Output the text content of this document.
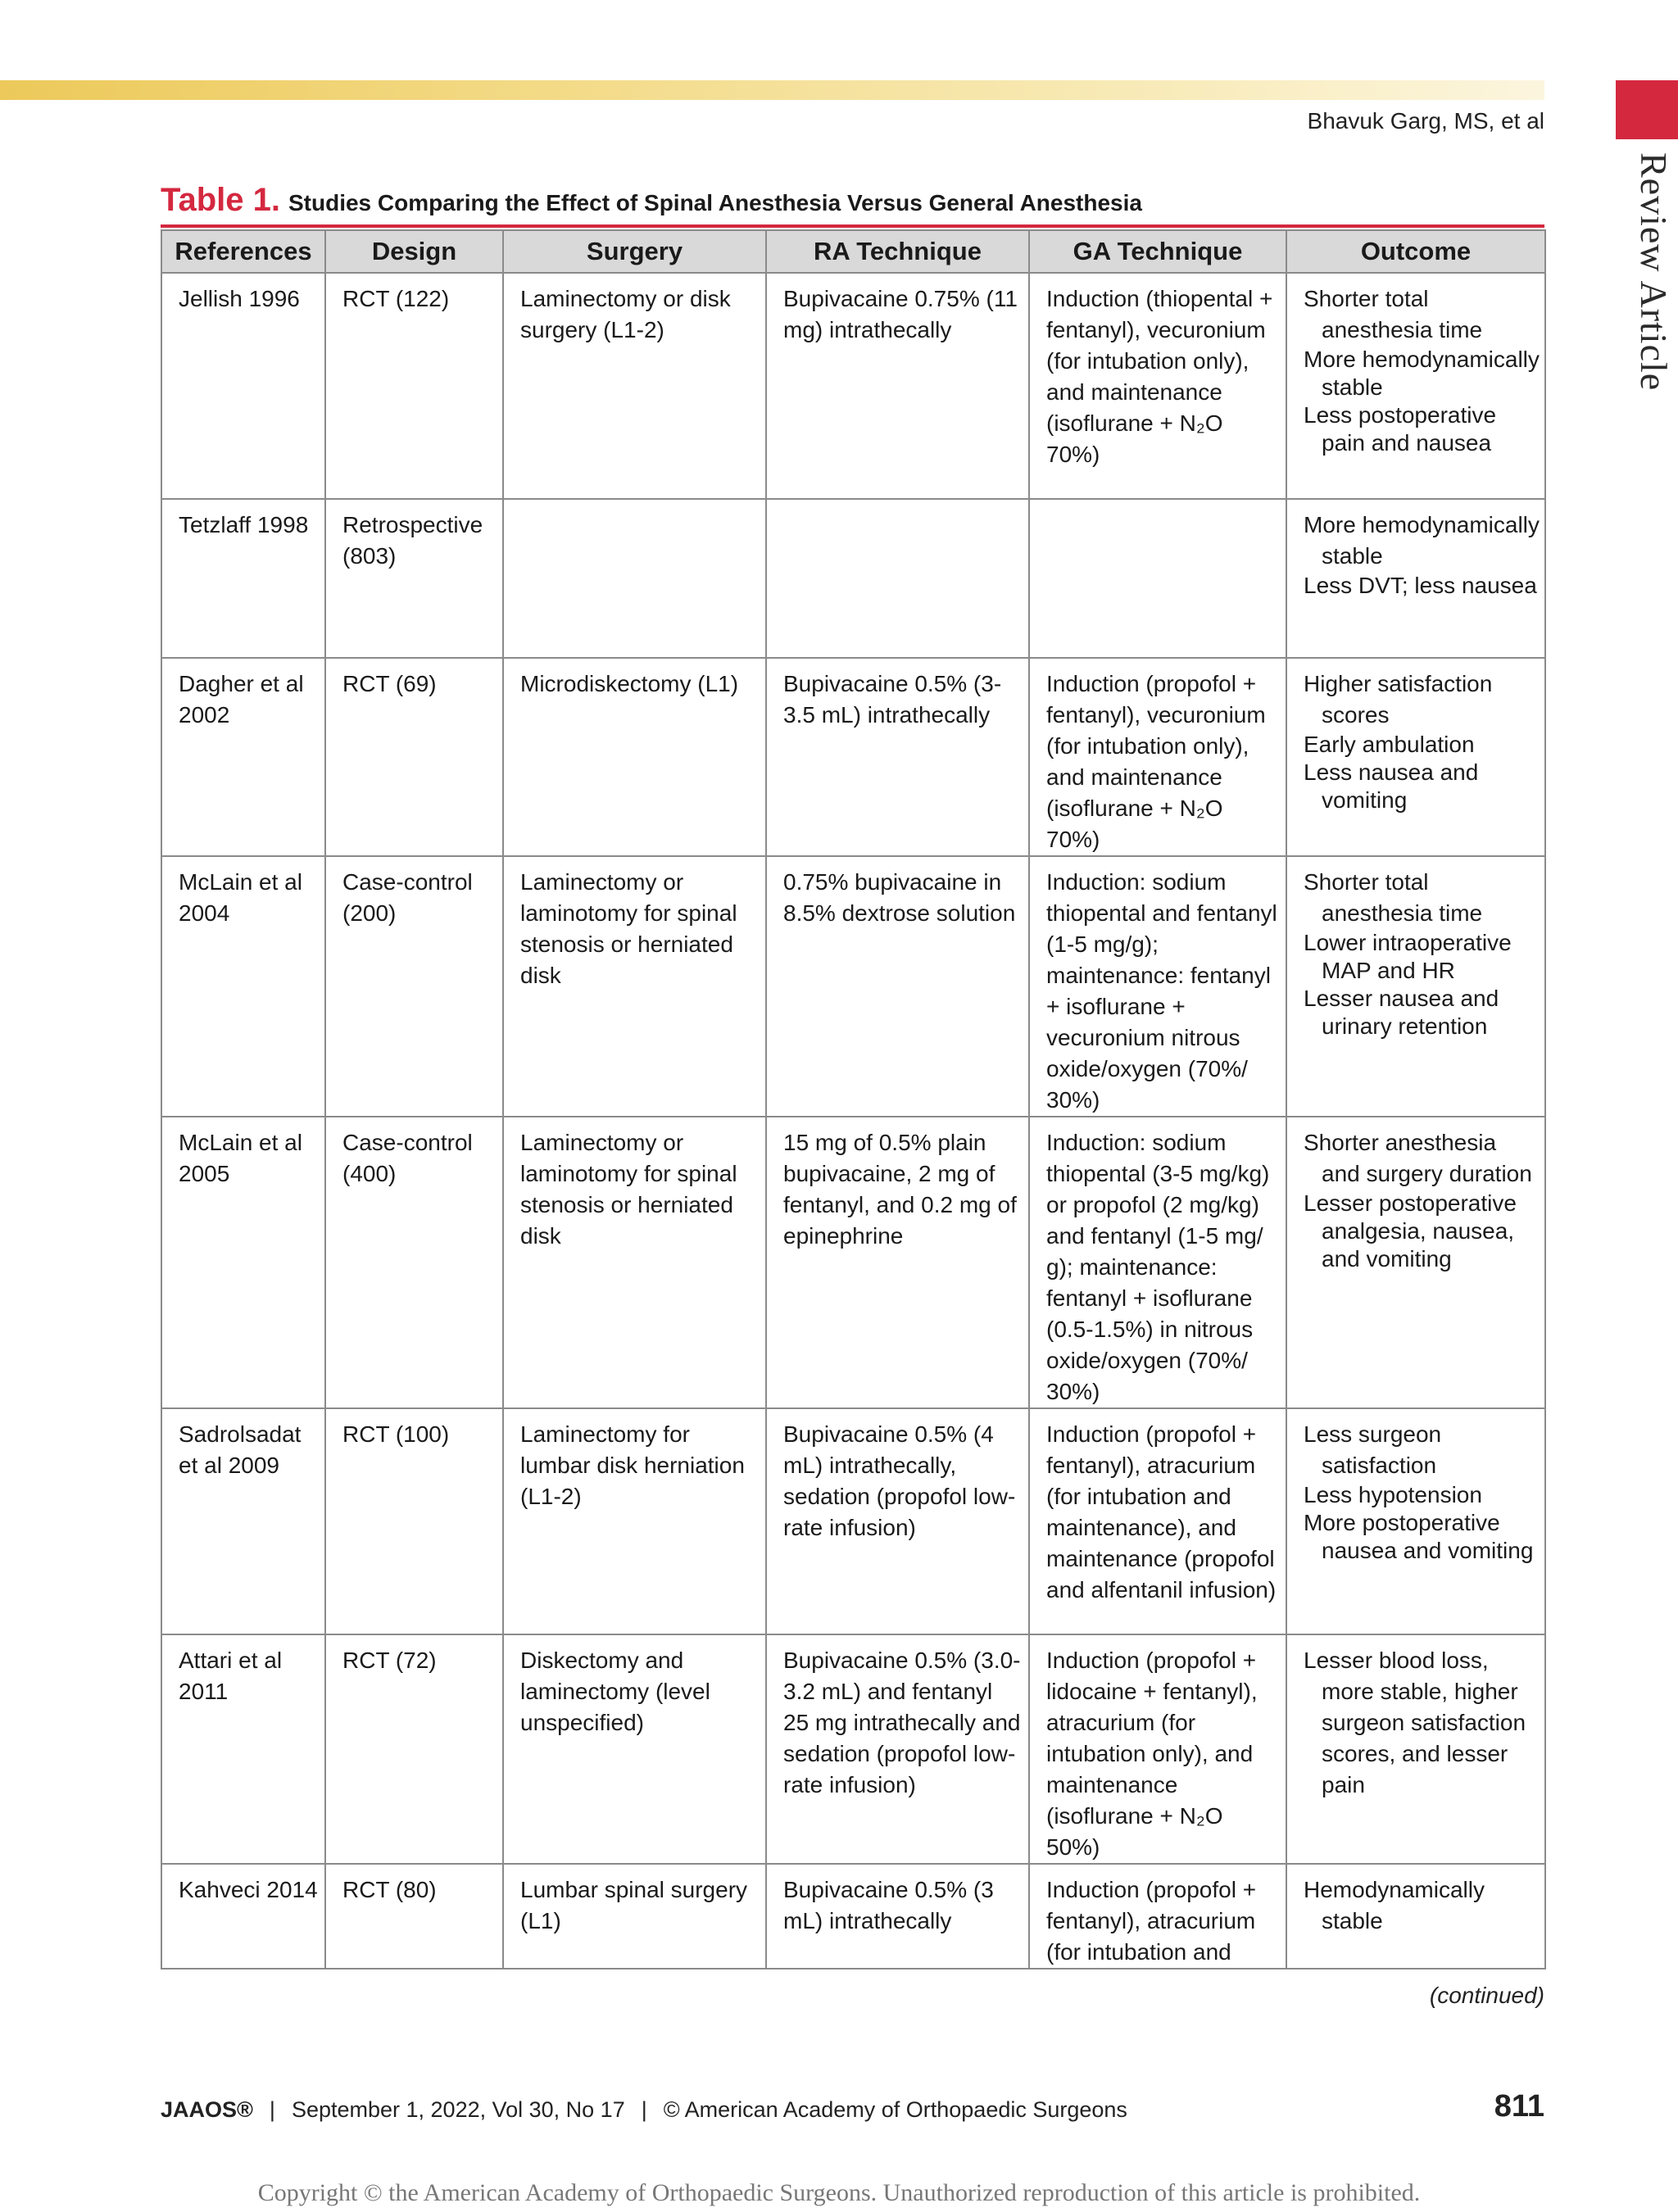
Review Article
Bhavuk Garg, MS, et al
Table 1. Studies Comparing the Effect of Spinal Anesthesia Versus General Anesthesia
References	Design	Surgery	RA Technique	GA Technique	Outcome
Jellish 1996	RCT (122)	Laminectomy or disk surgery (L1-2)	Bupivacaine 0.75% (11 mg) intrathecally	Induction (thiopental + fentanyl), vecuronium (for intubation only), and maintenance (isoflurane + N₂O 70%)	Shorter total anesthesia time
More hemodynamically stable
Less postoperative pain and nausea

Tetzlaff 1998	Retrospective (803)				More hemodynamically stable
Less DVT; less nausea

Dagher et al 2002	RCT (69)	Microdiskectomy (L1)	Bupivacaine 0.5% (3-3.5 mL) intrathecally	Induction (propofol + fentanyl), vecuronium (for intubation only), and maintenance (isoflurane + N₂O 70%)	Higher satisfaction scores
Early ambulation
Less nausea and vomiting

McLain et al 2004	Case-control (200)	Laminectomy or laminotomy for spinal stenosis or herniated disk	0.75% bupivacaine in 8.5% dextrose solution	Induction: sodium thiopental and fentanyl (1-5 mg/g); maintenance: fentanyl + isoflurane + vecuronium nitrous oxide/oxygen (70%/ 30%)	Shorter total anesthesia time
Lower intraoperative MAP and HR
Lesser nausea and urinary retention

McLain et al 2005	Case-control (400)	Laminectomy or laminotomy for spinal stenosis or herniated disk	15 mg of 0.5% plain bupivacaine, 2 mg of fentanyl, and 0.2 mg of epinephrine	Induction: sodium thiopental (3-5 mg/kg) or propofol (2 mg/kg) and fentanyl (1-5 mg/ g); maintenance: fentanyl + isoflurane (0.5-1.5%) in nitrous oxide/oxygen (70%/ 30%)	Shorter anesthesia and surgery duration
Lesser postoperative analgesia, nausea, and vomiting

Sadrolsadat et al 2009	RCT (100)	Laminectomy for lumbar disk herniation (L1-2)	Bupivacaine 0.5% (4 mL) intrathecally, sedation (propofol low-rate infusion)	Induction (propofol + fentanyl), atracurium (for intubation and maintenance), and maintenance (propofol and alfentanil infusion)	Less surgeon satisfaction
Less hypotension
More postoperative nausea and vomiting

Attari et al 2011	RCT (72)	Diskectomy and laminectomy (level unspecified)	Bupivacaine 0.5% (3.0-3.2 mL) and fentanyl 25 mg intrathecally and sedation (propofol low-rate infusion)	Induction (propofol + lidocaine + fentanyl), atracurium (for intubation only), and maintenance (isoflurane + N₂O 50%)	Lesser blood loss, more stable, higher surgeon satisfaction scores, and lesser pain

Kahveci 2014	RCT (80)	Lumbar spinal surgery (L1)	Bupivacaine 0.5% (3 mL) intrathecally	Induction (propofol + fentanyl), atracurium (for intubation and	Hemodynamically stable
(continued)
JAAOS® | September 1, 2022, Vol 30, No 17 | © American Academy of Orthopaedic Surgeons	811
Copyright © the American Academy of Orthopaedic Surgeons. Unauthorized reproduction of this article is prohibited.
